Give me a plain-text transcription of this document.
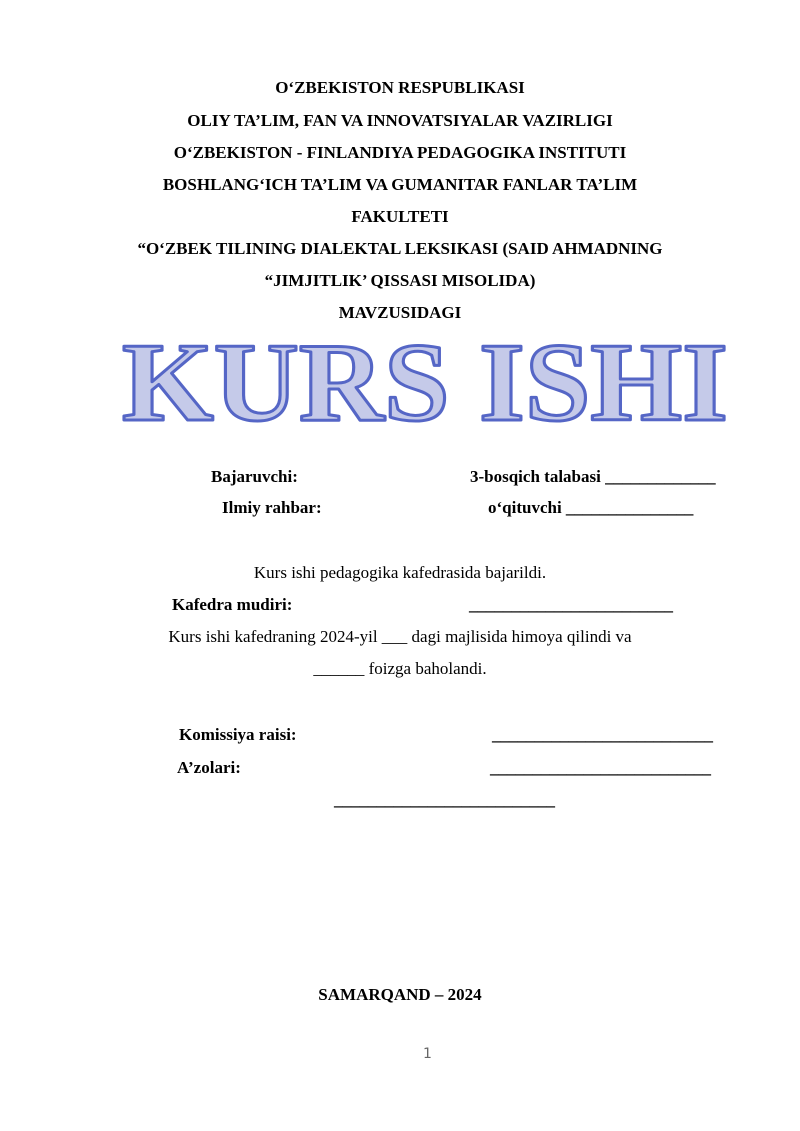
O‘ZBEKISTON RESPUBLIKASI
OLIY TA’LIM, FAN VA INNOVATSIYALAR VAZIRLIGI
O‘ZBEKISTON - FINLANDIYA PEDAGOGIKA INSTITUTI
BOSHLANG‘ICH TA’LIM VA GUMANITAR FANLAR TA’LIM
FAKULTETI
“O‘ZBEK TILINING DIALEKTAL LEKSIKASI (SAID AHMADNING
“JIMJITLIK’ QISSASI MISOLIDA)
MAVZUSIDAGI
KURS ISHI
Bajaruvchi:	3-bosqich talabasi _____________
Ilmiy rahbar:	o‘qituvchi _______________
Kurs ishi pedagogika kafedrasida bajarildi.
Kafedra mudiri:	________________________
Kurs ishi kafedraning 2024-yil ___ dagi majlisida himoya qilindi va
______ foizga baholandi.
Komissiya raisi:	__________________________
A’zolari:	__________________________
__________________________
SAMARQAND – 2024
1
